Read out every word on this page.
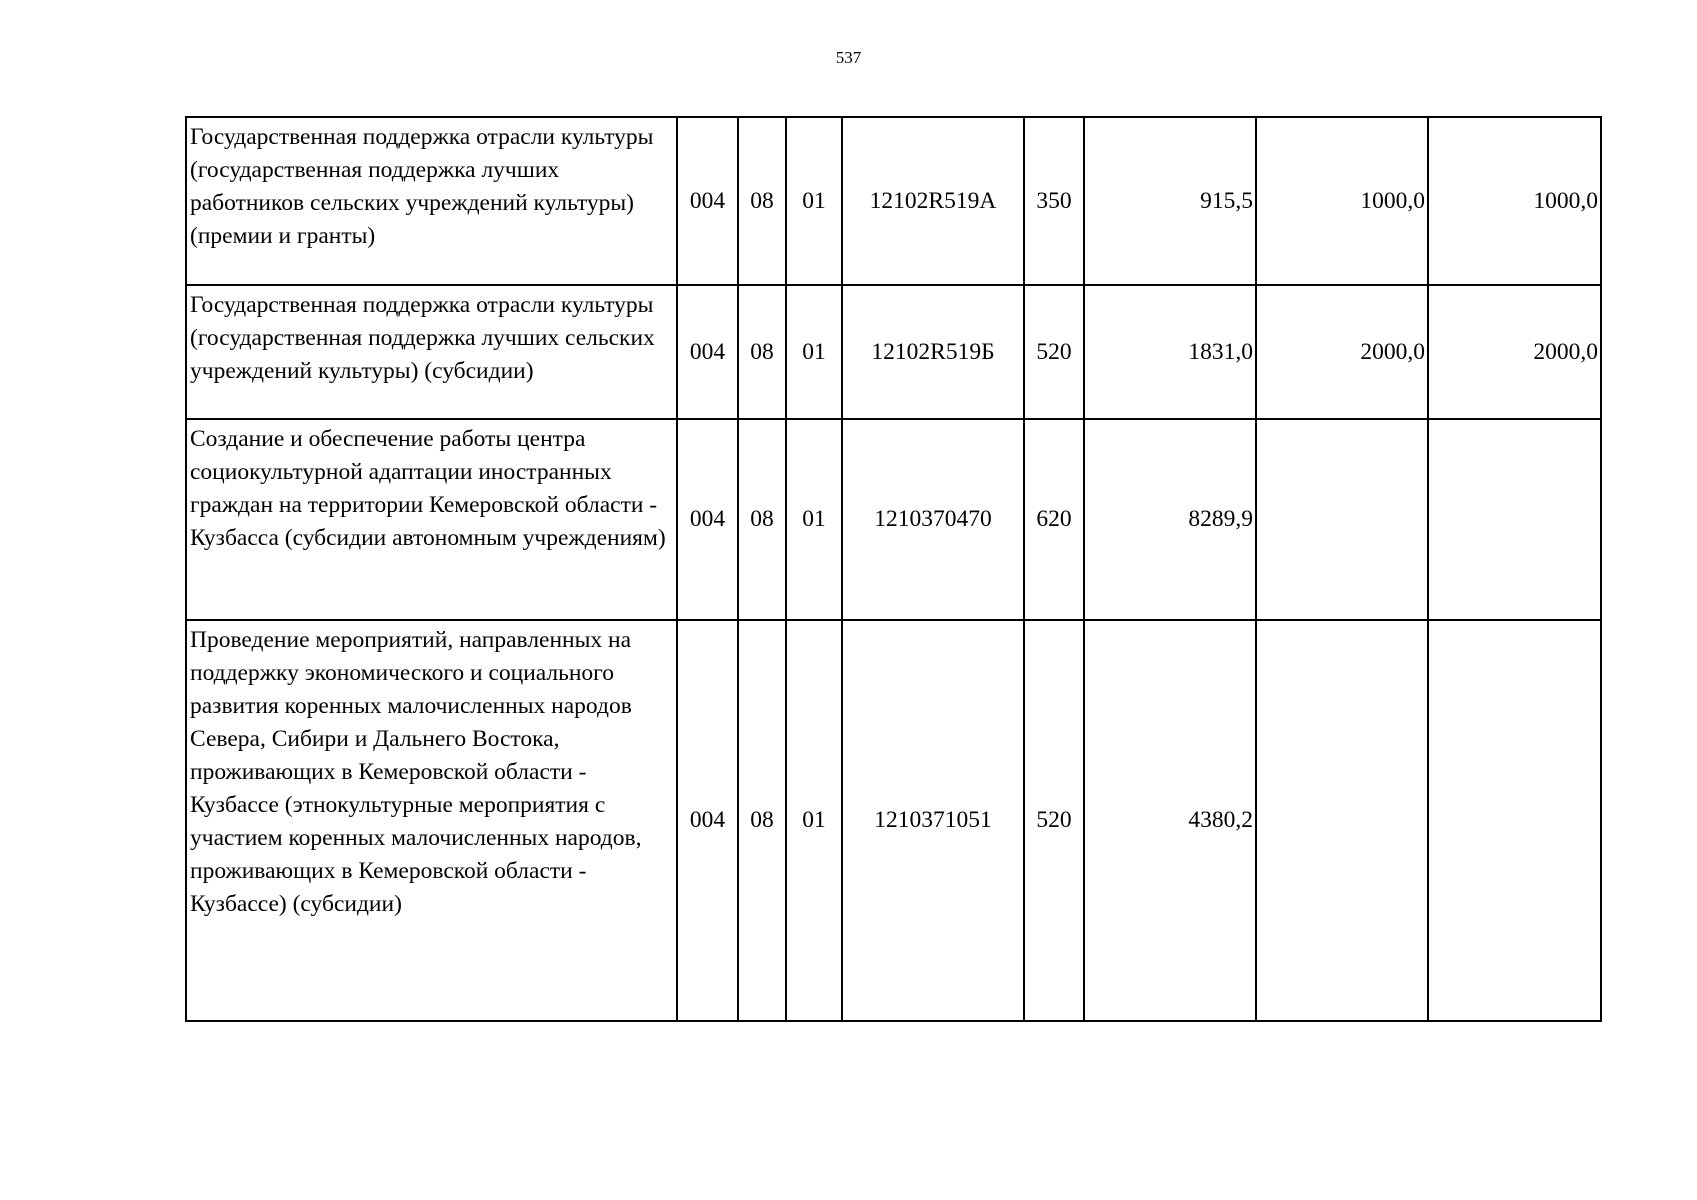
537
Государственная поддержка отрасли культуры (государственная поддержка лучших работников сельских учреждений культуры) (премии и гранты)	004	08	01	12102R519A	350	915,5	1000,0	1000,0
Государственная поддержка отрасли культуры (государственная поддержка лучших сельских учреждений культуры) (субсидии)	004	08	01	12102R519Б	520	1831,0	2000,0	2000,0
Создание и обеспечение работы центра социокультурной адаптации иностранных граждан на территории Кемеровской области - Кузбасса (субсидии автономным учреждениям)	004	08	01	1210370470	620	8289,9		
Проведение мероприятий, направленных на поддержку экономического и социального развития коренных малочисленных народов Севера, Сибири и Дальнего Востока, проживающих в Кемеровской области - Кузбассе (этнокультурные мероприятия с участием коренных малочисленных народов, проживающих в Кемеровской области - Кузбассе) (субсидии)	004	08	01	1210371051	520	4380,2		
